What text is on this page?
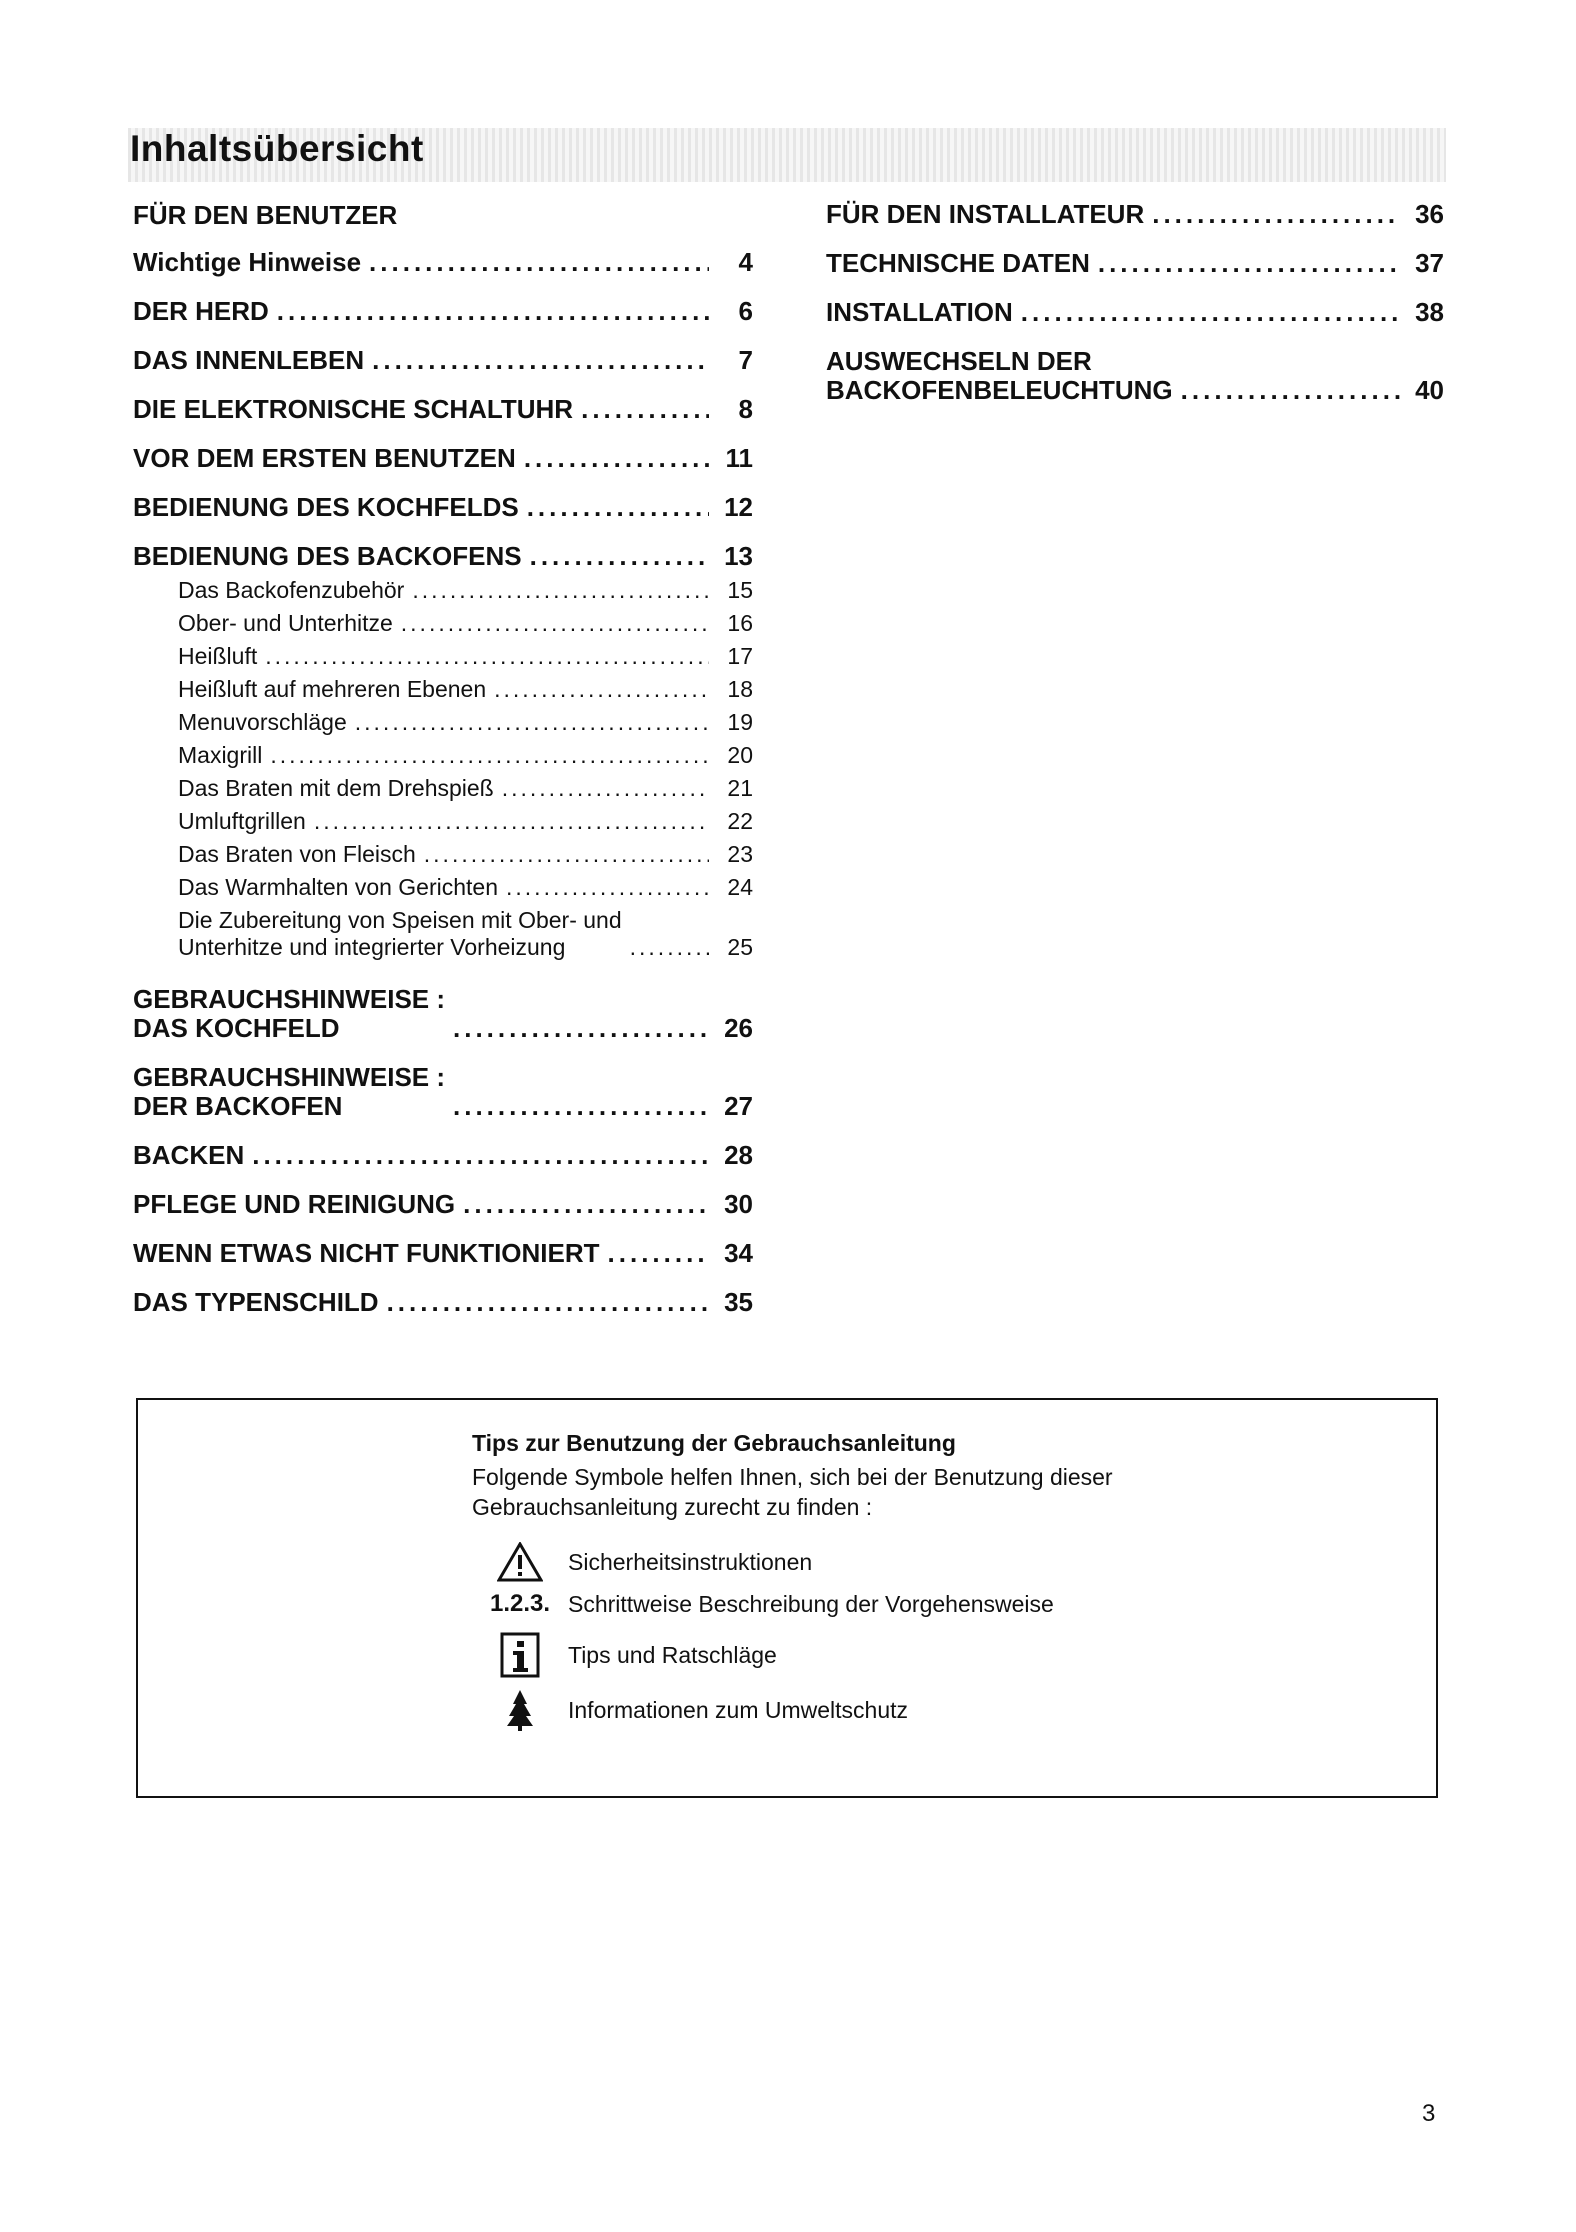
Inhaltsübersicht
FÜR DEN BENUTZER
Wichtige Hinweise .....	4
DER HERD .....	6
DAS INNENLEBEN .....	7
DIE ELEKTRONISCHE SCHALTUHR .....	8
VOR DEM ERSTEN BENUTZEN .....	11
BEDIENUNG DES KOCHFELDS .....	12
BEDIENUNG DES BACKOFENS .....	13
Das Backofenzubehör .....	15
Ober- und Unterhitze .....	16
Heißluft .....	17
Heißluft auf mehreren Ebenen .....	18
Menuvorschläge .....	19
Maxigrill .....	20
Das Braten mit dem Drehspieß .....	21
Umluftgrillen .....	22
Das Braten von Fleisch .....	23
Das Warmhalten von Gerichten .....	24
Die Zubereitung von Speisen mit Ober- und
Unterhitze und integrierter Vorheizung .....	25
GEBRAUCHSHINWEISE :
DAS KOCHFELD .....	26
GEBRAUCHSHINWEISE :
DER BACKOFEN .....	27
BACKEN .....	28
PFLEGE UND REINIGUNG .....	30
WENN ETWAS NICHT FUNKTIONIERT .....	34
DAS TYPENSCHILD .....	35
FÜR DEN INSTALLATEUR .....	36
TECHNISCHE DATEN .....	37
INSTALLATION .....	38
AUSWECHSELN DER
BACKOFENBELEUCHTUNG .....	40
Tips zur Benutzung der Gebrauchsanleitung
Folgende Symbole helfen Ihnen, sich bei der Benutzung dieser Gebrauchsanleitung zurecht zu finden :
Sicherheitsinstruktionen
1.2.3. Schrittweise Beschreibung der Vorgehensweise
Tips und Ratschläge
Informationen zum Umweltschutz
3
